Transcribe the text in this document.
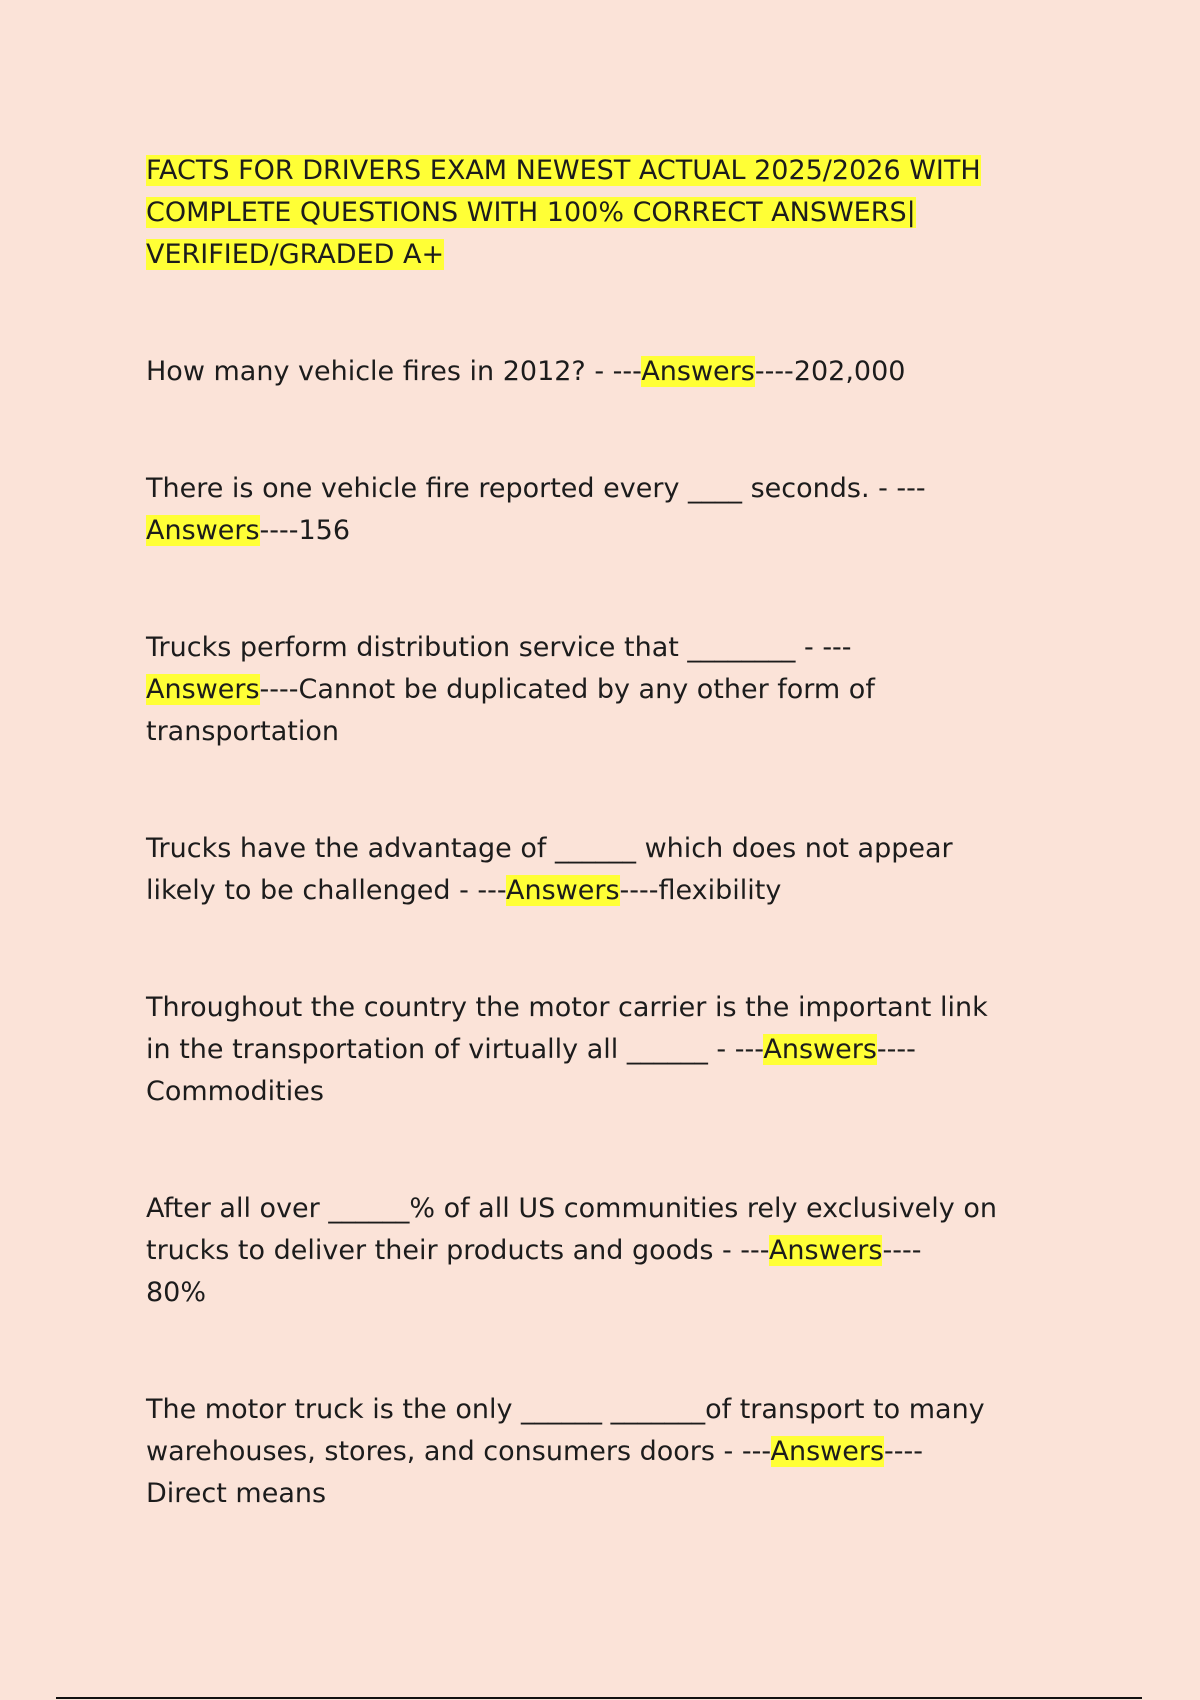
FACTS FOR DRIVERS EXAM NEWEST ACTUAL 2025/2026 WITH
COMPLETE QUESTIONS WITH 100% CORRECT ANSWERS|
VERIFIED/GRADED A+

How many vehicle fires in 2012? - ---Answers----202,000

There is one vehicle fire reported every ____ seconds. - ---
Answers----156

Trucks perform distribution service that ________ - ---
Answers----Cannot be duplicated by any other form of
transportation

Trucks have the advantage of ______ which does not appear
likely to be challenged - ---Answers----flexibility

Throughout the country the motor carrier is the important link
in the transportation of virtually all ______ - ---Answers----
Commodities

After all over ______% of all US communities rely exclusively on
trucks to deliver their products and goods - ---Answers----
80%

The motor truck is the only ______ _______of transport to many
warehouses, stores, and consumers doors - ---Answers----
Direct means
